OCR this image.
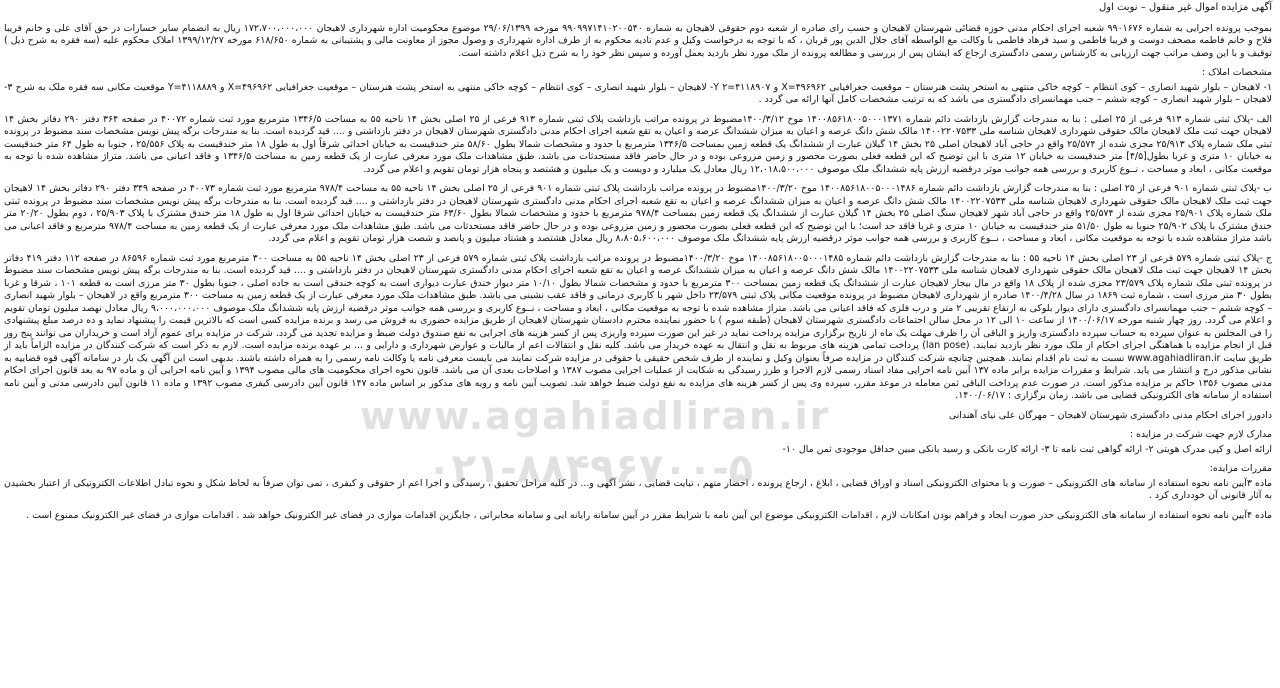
آگهی مزایده اموال غیر منقول – نوبت اول

بموجب پرونده اجرایی به شماره ۹۹۰۱۶۷۶ شعبه اجرای احکام مدنی حوزه قضائی شهرستان لاهیجان و حسب رای صادره از شعبه دوم حقوقی لاهیجان به شماره ۹۹۰۹۹۷۱۴۱۰۲۰۰۵۴۰ مورخه ۲۹/۰۶/۱۳۹۹ موضوع محکومیت اداره شهرداری لاهیجان ۱۷۲،۷۰۰،۰۰۰،۰۰۰ ریال به انضمام سایر خسارات در حق آقای علی و خانم فریبا فلاح و خانم فاطمه مصحف دوست و فریبا فاطمی و سید فرهاد فاطمی با وکالت مع الواسطه آقای جلال الدین پور قربان ، که با توجه به درخواست وکیل و عدم تادیه محکوم به از طرف اداره شهرداری و وصول مجوز از معاونت مالی و پشتیبانی به شماره ۶۱۸/۶۵۰ مورخه ۱۳۹۹/۱۲/۲۷ املاک محکوم علیه (سه فقره به شرح ذیل ) توقیف و با این وصف مراتب جهت ارزیابی به کارشناس رسمی دادگستری ارجاع که ایشان پس از بررسی و مطالعه پرونده از ملک مورد نظر بازدید بعمل آورده و سپس نظر خود را به شرح ذیل اعلام داشته است.

مشخصات املاک :

۱- لاهیجان – بلوار شهید انصاری – کوی انتظام – کوچه خاکی منتهی به استخر پشت هنرستان – موقعیت جغرافیایی ۴۹۶۹۶۲=X و ۴۱۱۸۹۰۷=Y ۲- لاهیجان – بلوار شهید انصاری – کوی انتظام – کوچه خاکی منتهی به استخر پشت هنرستان – موقعیت جغرافیایی ۴۹۶۹۶۲=X و ۴۱۱۸۸۸۹=Y موقعیت مکانی سه فقره ملک به شرح ۳- لاهیجان – بلوار شهید انصاری – کوچه ششم – جنب مهمانسرای دادگستری می باشد که به ترتیب مشخصات کامل آنها ارائه می گردد .

الف -پلاک ثبتی شماره ۹۱۳ فرعی از ۲۵ اصلی : بنا به مندرجات گزارش بازداشت دائم شماره ۱۴۰۰۸۵۶۱۸۰۰۵۰۰۰۱۳۷۱ موخ ۱۴۰۰/۳/۱۲مضبوط در پرونده مراتب بازداشت پلاک ثبتی شماره ۹۱۳ فرعی از ۲۵ اصلی بخش ۱۴ ناحیه ۵۵ به مساحت ۱۳۴۶/۵ مترمربع مورد ثبت شماره ۴۰۰۷۲ در صفحه ۳۶۴ دفتر ۲۹۰ دفاتر بخش ۱۴ لاهیجان جهت ثبت ملک لاهیجان مالک حقوقی شهرداری لاهیجان شناسه ملی ۱۴۰۰۲۲۰۷۵۳۳ مالک شش دانگ عرصه و اعیان به میزان ششدانگ عرصه و اعیان به تقع شعبه اجرای احکام مدنی دادگستری شهرستان لاهیجان در دفتر بازداشتی و .... قید گردیده است. بنا به مندرجات برگه پیش نویس مشخصات سند مضبوط در پرونده ثبتی ملک شماره پلاک ۲۵/۹۱۳ مجزی شده از ۲۵/۵۷۴ واقع در حاجی آباد لاهیجان اصلی ۲۵ بخش ۱۴ گیلان عبارت از ششدانگ یک قطعه زمین بمساحت ۱۳۴۶/۵ مترمربع با حدود و مشخصات شمالا بطول ۵۸/۶۰ متر خندقیست به خیابان احداثی شرقاً اول به طول ۱۸ متر خندقیست به پلاک ۲۵/۵۵۶ ، جنوبا به طول ۶۴ متر خندقیست به خیابان ۱۰ متری و غربا بطول[۴/۵] متر خندقیست به خیابان ۱۲ متری با این توضیح که این قطعه فعلی بصورت محصور و زمین مزروعی بوده و در حال حاضر فاقد مستحدثات می باشد. طبق مشاهدات ملک مورد معرفی عبارت از یک قطعه زمین به مساحت ۱۳۴۶/۵ و فاقد اعیانی می باشد. متراژ مشاهده شده با توجه به موقعیت مکانی ، ابعاد و مساحت ، نــوع کاربری و بررسی همه جوانب موثر درقضیه ارزش پایه ششدانگ ملک موصوف ۱۲،۰۱۸،۵۰۰،۰۰۰ ریال معادل یک میلیارد و دویست و یک میلیون و هشتصد و پنجاه هزار تومان تقویم و اعلام می گردد.

ب -پلاک ثبتی شماره ۹۰۱ فرعی از ۲۵ اصلی : بنا به مندرجات گزارش بازداشت دائم شماره ۱۴۰۰۸۵۶۱۸۰۰۵۰۰۰۱۴۸۶ موخ ۱۴۰۰/۳/۲۰مضبوط در پرونده مراتب بازداشت پلاک ثبتی شماره ۹۰۱ فرعی از ۲۵ اصلی بخش ۱۴ ناحیه ۵۵ به مساحت ۹۷۸/۴ مترمربع مورد ثبت شماره ۴۰۰۷۳ در صفحه ۳۴۹ دفتر ۲۹۰ دفاتر بخش ۱۴ لاهیجان جهت ثبت ملک لاهیجان مالک حقوقی شهرداری لاهیجان شناسه ملی ۱۴۰۰۲۲۰۷۵۳۳ مالک شش دانگ عرصه و اعیان به میزان ششدانگ عرصه و اعیان به تقع شعبه اجرای احکام مدنی دادگستری شهرستان لاهیجان در دفتر بازداشتی و .... قید گردیده است. بنا به مندرجات برگه پیش نویس مشخصات سند مضبوط در پرونده ثبتی ملک شماره پلاک ۲۵/۹۰۱ مجزی شده از ۲۵/۵۷۴ واقع در حاجی آباد شهر لاهیجان سنگ اصلی ۲۵ بخش ۱۴ گیلان عبارت از ششدانگ یک قطعه زمین بمساحت ۹۷۸/۴ مترمربع با حدود و مشخصات شمالا بطول ۶۳/۶۰ متر خندقیست به خیابان احداثی شرقا اول به طول ۱۸ متر خندق مشترک با پلاک ۲۵/۹۰۳ ، دوم بطول ۲۰/۲۰ متر خندق مشترک با پلاک ۲۵/۹۰۲ جنوبا به طول ۵۱/۵۰ متر خندقیست به خیابان ۱۰ متری و غربا فاقد حد است؛ با این توضیح که این قطعه فعلی بصورت محصور و زمین مزروعی بوده و در حال حاضر فاقد مستحدثات می باشد. طبق مشاهدات ملک مورد معرفی عبارت از یک قطعه زمین به مساحت ۹۷۸/۴ مترمربع و فاقد اعیانی می باشد متراژ مشاهده شده با توجه به موقعیت مکانی ، ابعاد و مساحت ، نــوع کاربری و بررسی همه جوانب موثر درقضیه ارزش پایه ششدانگ ملک موصوف ۸،۸۰۵،۶۰۰،۰۰۰ ریال معادل هشتصد و هشتاد میلیون و پانصد و شصت هزار تومان تقویم و اعلام می گردد.

ج -پلاک ثبتی شماره ۵۷۹ فرعی از ۲۳ اصلی بخش ۱۴ ناحیه ۵۵ : بنا به مندرجات گزارش بازداشت دائم شماره ۱۴۰۰۸۵۶۱۸۰۰۵۰۰۰۱۴۸۵ موخ ۱۴۰۰/۳/۲۰مضبوط در پرونده مراتب بازداشت پلاک ثبتی شماره ۵۷۹ فرعی از ۲۳ اصلی بخش ۱۴ ناحیه ۵۵ به مساحت ۳۰۰ مترمربع مورد ثبت شماره ۸۶۵۹۶ در صفحه ۱۱۲ دفتر ۴۱۹ دفاتر بخش ۱۴ لاهیجان جهت ثبت ملک لاهیجان مالک حقوقی شهرداری لاهیجان شناسه ملی ۱۴۰۰۲۲۰۷۵۳۳ مالک شش دانگ عرصه و اعیان به میزان ششدانگ عرصه و اعیان به تقع شعبه اجرای احکام مدنی دادگستری شهرستان لاهیجان در دفتر بازداشتی و .... قید گردیده است. بنا به مندرجات برگه پیش نویس مشخصات سند مضبوط در پرونده ثبتی ملک شماره پلاک ۲۳/۵۷۹ مجزی شده از پلاک ۱۸ واقع در مال بیجار لاهیجان عبارت از ششدانگ یک قطعه زمین بمساحت ۳۰۰ مترمربع با حدود و مشخصات شمالا بطول ۱۰/۱۰ متر دیوار خندق عبارت دیواری است به کوچه خندقی است به جاده اصلی ، جنوبا بطول ۳۰ متر مرزی است به قطعه ۱۰۱ ، شرقا و غربا بطول ۳۰ متر مرزی است ، شماره ثبت ۱۸۶۹ در سال ۱۴۰۰/۴/۲۸ صادره از شهرداری لاهیجان مضبوط در پرونده موقعیت مکانی پلاک ثبتی ۲۳/۵۷۹ داخل شهر با کاربری درمانی و فاقد عقب نشینی می باشد. طبق مشاهدات ملک مورد معرفی عبارت از یک قطعه زمین به مساحت ۳۰۰ مترمربع واقع در لاهیجان – بلوار شهید انصاری – کوچه ششم – جنب مهمانسرای دادگستری دارای دیوار بلوکی به ارتفاع تقریبی ۲ متر و درب فلزی که فاقد اعیانی می باشد. متراژ مشاهده شده با توجه به موقعیت مکانی ، ابعاد و مساحت ، نــوع کاربری و بررسی همه جوانب موثر درقضیه ارزش پایه ششدانگ ملک موصوف ۹،۰۰۰،۰۰۰،۰۰۰ ریال معادل نهصد میلیون تومان تقویم و اعلام می گردد. روز چهار شنبه مورخه ۱۴۰۰/۰۶/۱۷ از ساعت ۱۰ الی ۱۲ در محل سالن اجتماعات دادگستری شهرستان لاهیجان (طبقه سوم ) با حضور نماینده محترم دادستان شهرستان لاهیجان از طریق مزایده حضوری به فروش می رسد و برنده مزایده کسی است که بالاترین قیمت را پیشنهاد نماید و ده درصد مبلغ پیشنهادی را فی المجلس به عنوان سپرده به حساب سپرده دادگستری واریز و الباقی آن را ظرف مهلت یک ماه از تاریخ برگزاری مزایده پرداخت نماید در غیر این صورت سپرده واریزی پس از کسر هزینه های اجرایی به نفع صندوق دولت ضبط و مزایده تجدید می گردد. شرکت در مزایده برای عموم آزاد است و خریداران می توانند پنج روز قبل از انجام مزایده با هماهنگی اجرای احکام از ملک مورد نظر بازدید نمایند. (lan pose) پرداخت تمامی هزینه های مربوط به نقل و انتقال به عهده خریدار می باشد. کلیه نقل و انتقالات اعم از مالیات و عوارض شهرداری و دارایی و ... بر عهده برنده مزایده است. لازم به ذکر است که شرکت کنندگان در مزایده الزاماً باید از طریق سایت www.agahiadliran.ir نسبت به ثبت نام اقدام نمایند. همچنین چنانچه شرکت کنندگان در مزایده صرفاً بعنوان وکیل و نماینده از طرف شخص حقیقی یا حقوقی در مزایده شرکت نمایند می بایست معرفی نامه یا وکالت نامه رسمی را به همراه داشته باشند. بدیهی است این آگهی یک بار در سامانه آگهی قوه قضاییه به نشانی مذکور درج و انتشار می یابد. شرایط و مقررات مزایده برابر ماده ۱۳۷ آیین نامه اجرایی مفاد اسناد رسمی لازم الاجرا و طرز رسیدگی به شکایت از عملیات اجرایی مصوب ۱۳۸۷ و اصلاحات بعدی آن می باشد. قانون نحوه اجرای محکومیت های مالی مصوب ۱۳۹۴ و آیین نامه اجرایی آن و ماده ۹۷ به بعد قانون اجرای احکام مدنی مصوب ۱۳۵۶ حاکم بر مزایده مذکور است. در صورت عدم پرداخت الباقی ثمن معامله در موعد مقرر، سپرده وی پس از کسر هزینه های مزایده به نفع دولت ضبط خواهد شد. تصویب آیین نامه و رویه های مذکور بر اساس ماده ۱۴۷ قانون آیین دادرسی کیفری مصوب ۱۳۹۲ و ماده ۱۱ قانون آیین دادرسی مدنی و آیین نامه استفاده از سامانه های الکترونیکی قضایی می باشد. زمان برگزاری : ۱۴۰۰/۰۶/۱۷.

دادورز اجرای احکام مدنی دادگستری شهرستان لاهیجان – مهرگان علی نیای آهندانی

مدارک لازم جهت شرکت در مزایده :

ارائه اصل و کپی مدرک هویتی ۲- ارائه گواهی ثبت نامه تا ۳- ارائه کارت بانکی و رسید بانکی مبین حداقل موجودی ثمن مال ۱۰-

مقررات مزایده:

ماده ۳آیین نامه نحوه استفاده از سامانه های الکترونیکی – صورت و یا محتوای الکترونیکی اسناد و اوراق قضایی ، ابلاغ ، ارجاع پرونده ، احضار متهم ، تبایت قضایی ، نشر آگهی و... در کلیه مراحل تحقیق ، رسیدگی و اجرا اعم از حقوقی و کیفری ، تمی توان صرفاً به لحاظ شکل و نحوه تبادل اطلاعات الکترونیکی از اعتبار بخشیدن به آثار قانونی آن خودداری کرد .

ماده ۴آیین نامه نحوه استفاده از سامانه های الکترونیکی حذر صورت ایجاد و فراهم بودن امکانات لازم ، اقدامات الکترونیکی موضوع این آیین نامه با شرایط مقرر در آیین سامانه رایانه ایی و سامانه مخابراتی ، جایگزین اقدامات موازی در فضای غیر الکترونیک خواهد شد . اقدامات موازی در فضای غیر الکترونیک ممنوع است .

www.agahiadliran.ir
۰۲۱-۸۸۴۹۶۷۰۰-۵
